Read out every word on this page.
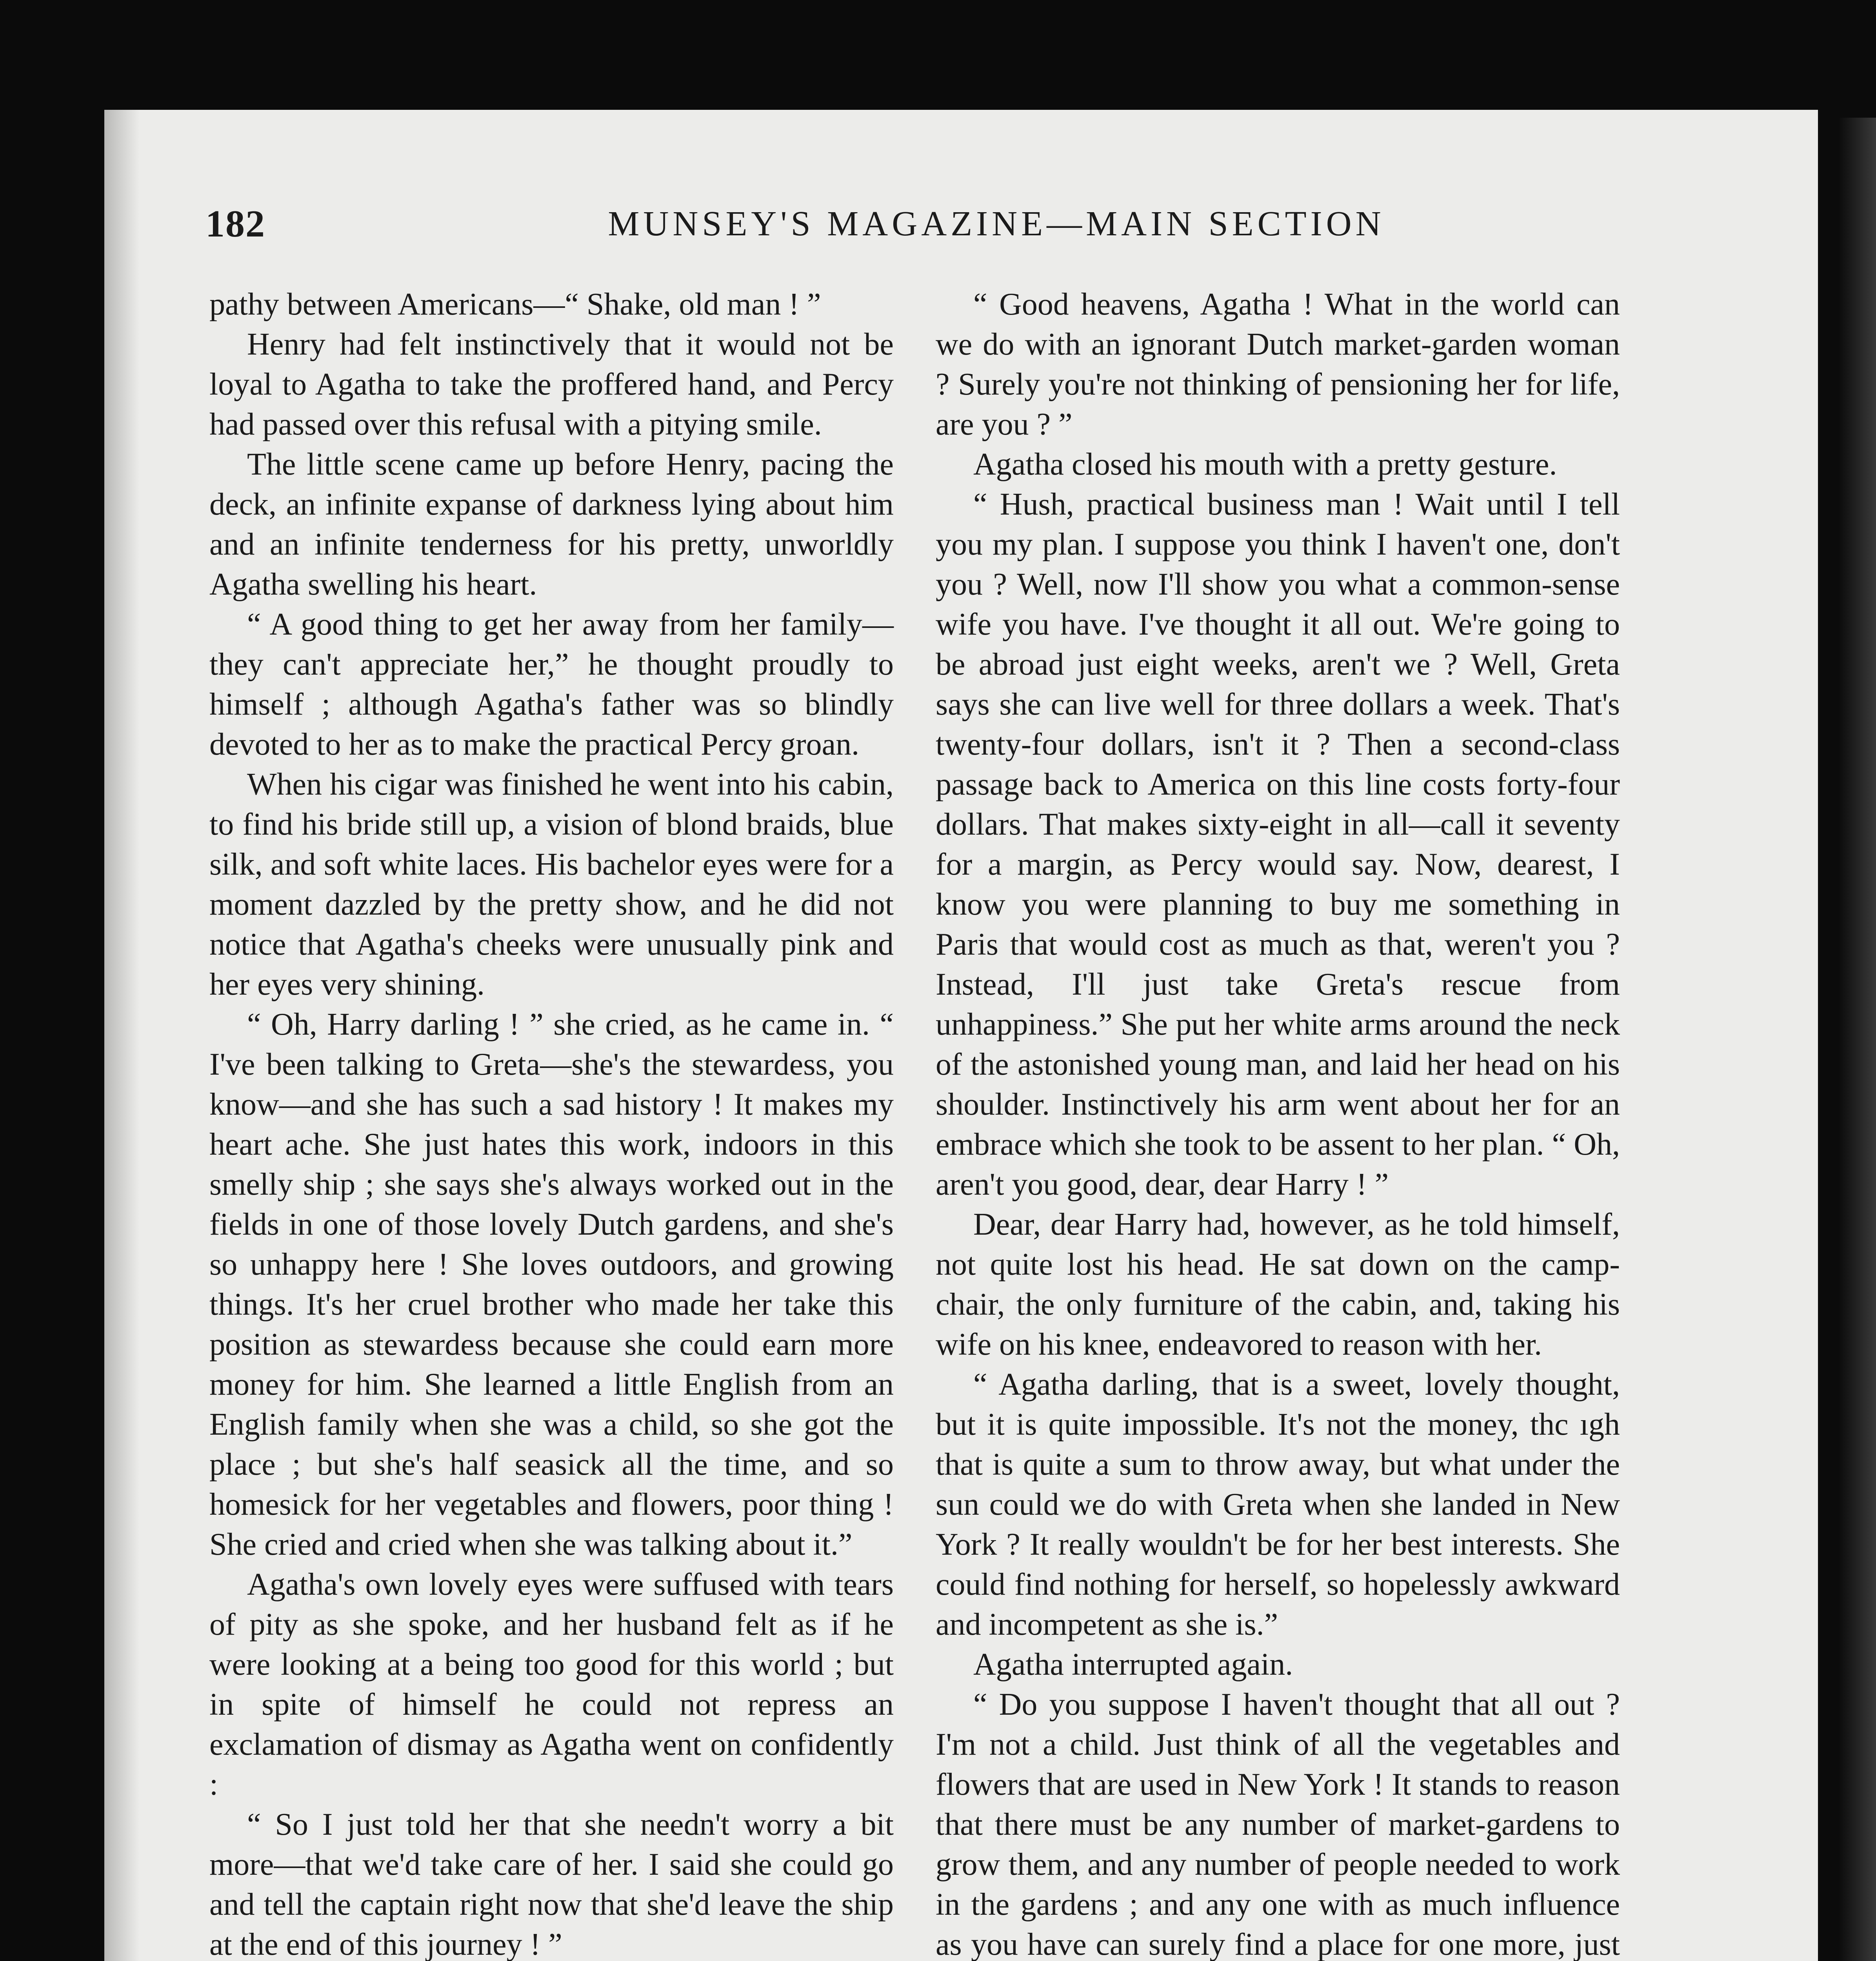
182	MUNSEY'S MAGAZINE—MAIN SECTION

pathy between Americans—“ Shake, old man ! ”

Henry had felt instinctively that it would not be loyal to Agatha to take the proffered hand, and Percy had passed over this refusal with a pitying smile.

The little scene came up before Henry, pacing the deck, an infinite expanse of darkness lying about him and an infinite tenderness for his pretty, unworldly Agatha swelling his heart.

“ A good thing to get her away from her family—they can't appreciate her,” he thought proudly to himself ; although Agatha's father was so blindly devoted to her as to make the practical Percy groan.

When his cigar was finished he went into his cabin, to find his bride still up, a vision of blond braids, blue silk, and soft white laces. His bachelor eyes were for a moment dazzled by the pretty show, and he did not notice that Agatha's cheeks were unusually pink and her eyes very shining.

“ Oh, Harry darling ! ” she cried, as he came in. “ I've been talking to Greta—she's the stewardess, you know—and she has such a sad history ! It makes my heart ache. She just hates this work, indoors in this smelly ship ; she says she's always worked out in the fields in one of those lovely Dutch gardens, and she's so unhappy here ! She loves outdoors, and growing things. It's her cruel brother who made her take this position as stewardess because she could earn more money for him. She learned a little English from an English family when she was a child, so she got the place ; but she's half seasick all the time, and so homesick for her vegetables and flowers, poor thing ! She cried and cried when she was talking about it.”

Agatha's own lovely eyes were suffused with tears of pity as she spoke, and her husband felt as if he were looking at a being too good for this world ; but in spite of himself he could not repress an exclamation of dismay as Agatha went on confidently :

“ So I just told her that she needn't worry a bit more—that we'd take care of her. I said she could go and tell the captain right now that she'd leave the ship at the end of this journey ! ”

“ Good heavens, Agatha ! What in the world can we do with an ignorant Dutch market-garden woman ? Surely you're not thinking of pensioning her for life, are you ? ”

Agatha closed his mouth with a pretty gesture.

“ Hush, practical business man ! Wait until I tell you my plan. I suppose you think I haven't one, don't you ? Well, now I'll show you what a common-sense wife you have. I've thought it all out. We're going to be abroad just eight weeks, aren't we ? Well, Greta says she can live well for three dollars a week. That's twenty-four dollars, isn't it ? Then a second-class passage back to America on this line costs forty-four dollars. That makes sixty-eight in all—call it seventy for a margin, as Percy would say. Now, dearest, I know you were planning to buy me something in Paris that would cost as much as that, weren't you ? Instead, I'll just take Greta's rescue from unhappiness.” She put her white arms around the neck of the astonished young man, and laid her head on his shoulder. Instinctively his arm went about her for an embrace which she took to be assent to her plan. “ Oh, aren't you good, dear, dear Harry ! ”

Dear, dear Harry had, however, as he told himself, not quite lost his head. He sat down on the camp-chair, the only furniture of the cabin, and, taking his wife on his knee, endeavored to reason with her.

“ Agatha darling, that is a sweet, lovely thought, but it is quite impossible. It's not the money, thc ıgh that is quite a sum to throw away, but what under the sun could we do with Greta when she landed in New York ? It really wouldn't be for her best interests. She could find nothing for herself, so hopelessly awkward and incompetent as she is.”

Agatha interrupted again.

“ Do you suppose I haven't thought that all out ? I'm not a child. Just think of all the vegetables and flowers that are used in New York ! It stands to reason that there must be any number of market-gardens to grow them, and any number of people needed to work in the gardens ; and any one with as much influence as you have can surely find a place for one more, just
